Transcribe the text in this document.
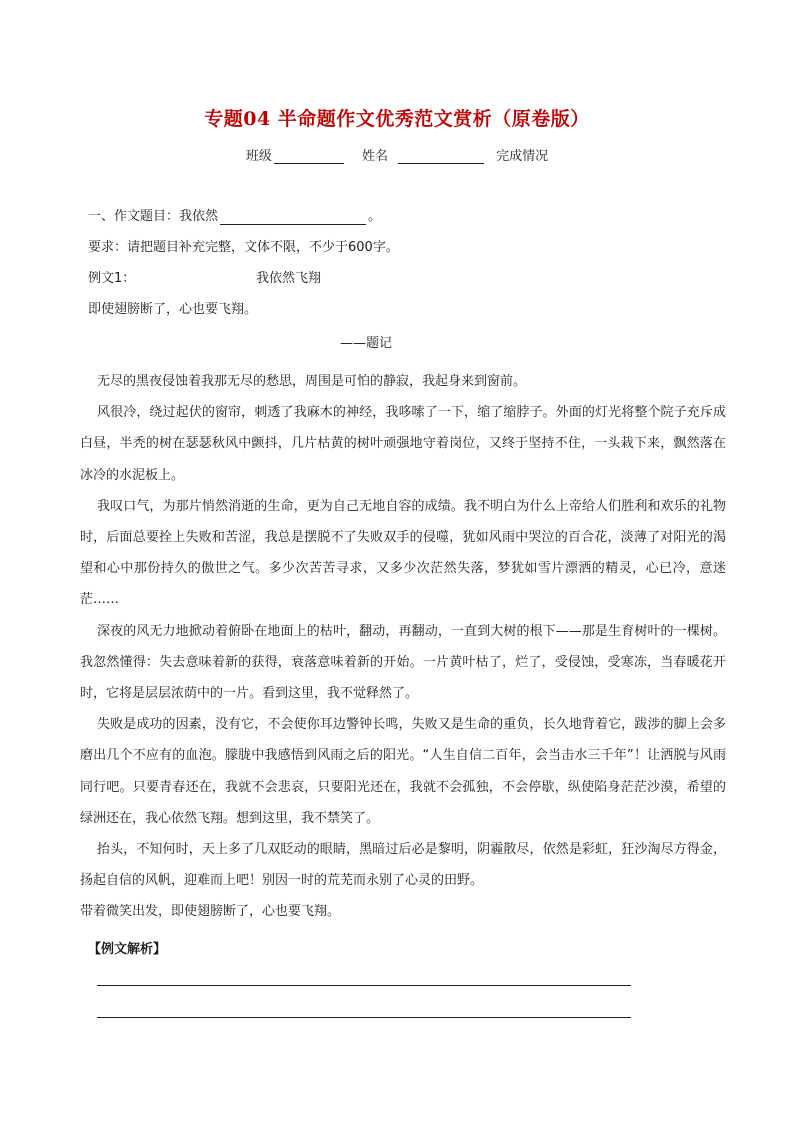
专题04 半命题作文优秀范文赏析（原卷版）
班级	姓名	完成情况
一、作文题目：我依然	。
要求：请把题目补充完整，文体不限，不少于600字。
例文1：	我依然飞翔
即使翅膀断了，心也要飞翔。
——题记

无尽的黑夜侵蚀着我那无尽的愁思，周围是可怕的静寂，我起身来到窗前。

风很冷，绕过起伏的窗帘，刺透了我麻木的神经，我哆嗦了一下，缩了缩脖子。外面的灯光将整个院子充斥成白昼，半秃的树在瑟瑟秋风中颤抖，几片枯黄的树叶顽强地守着岗位，又终于坚持不住，一头栽下来，飘然落在冰冷的水泥板上。

我叹口气，为那片悄然消逝的生命，更为自己无地自容的成绩。我不明白为什么上帝给人们胜利和欢乐的礼物时，后面总要拴上失败和苦涩，我总是摆脱不了失败双手的侵噬，犹如风雨中哭泣的百合花，淡薄了对阳光的渴望和心中那份持久的傲世之气。多少次苦苦寻求，又多少次茫然失落，梦犹如雪片漂洒的精灵，心已冷，意迷茫……

深夜的风无力地掀动着俯卧在地面上的枯叶，翻动，再翻动，一直到大树的根下——那是生育树叶的一棵树。我忽然懂得：失去意味着新的获得，衰落意味着新的开始。一片黄叶枯了，烂了，受侵蚀，受寒冻，当春暖花开时，它将是层层浓荫中的一片。看到这里，我不觉释然了。

失败是成功的因素，没有它，不会使你耳边警钟长鸣，失败又是生命的重负，长久地背着它，跋涉的脚上会多磨出几个不应有的血泡。朦胧中我感悟到风雨之后的阳光。“人生自信二百年，会当击水三千年”！让洒脱与风雨同行吧。只要青春还在，我就不会悲哀，只要阳光还在，我就不会孤独，不会停歇，纵使陷身茫茫沙漠，希望的绿洲还在，我心依然飞翔。想到这里，我不禁笑了。

抬头，不知何时，天上多了几双眨动的眼睛，黑暗过后必是黎明，阴霾散尽，依然是彩虹，狂沙淘尽方得金，扬起自信的风帆，迎难而上吧！别因一时的荒芜而永别了心灵的田野。

带着微笑出发，即使翅膀断了，心也要飞翔。

【例文解析】
